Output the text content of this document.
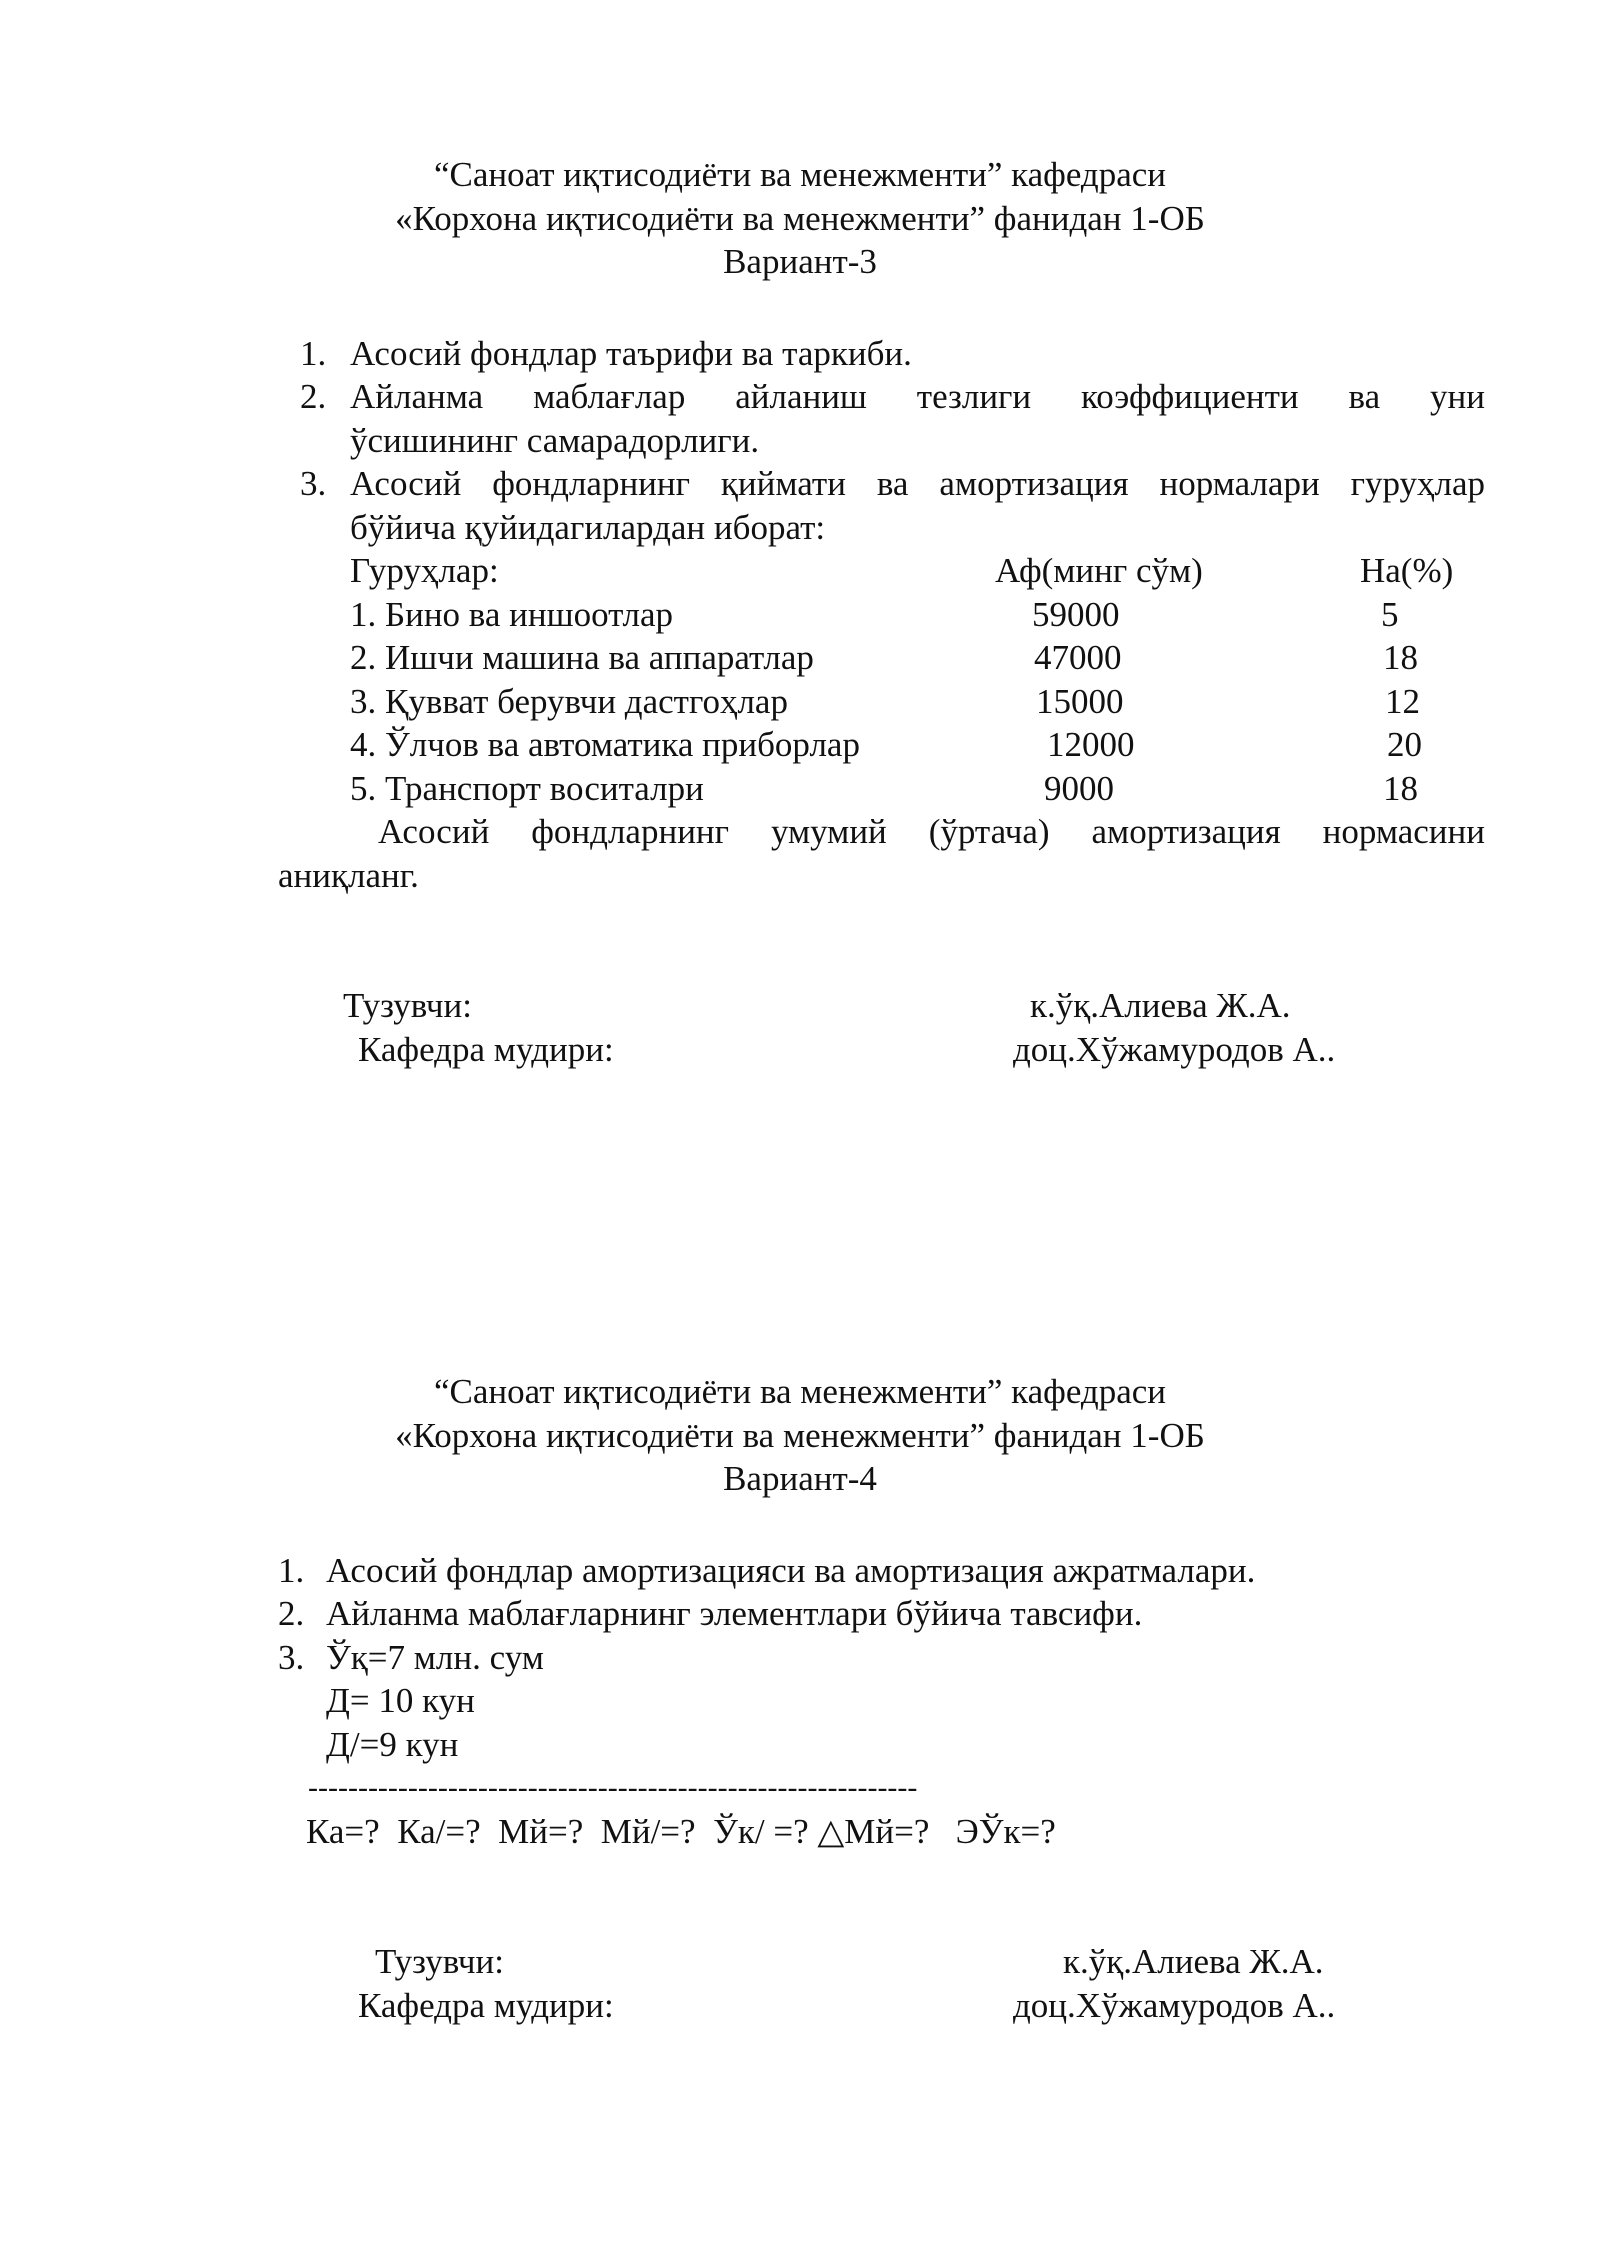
“Саноат иқтисодиёти ва менежменти” кафедраси
«Корхона иқтисодиёти ва менежменти” фанидан 1-ОБ
Вариант-3
1. Асосий фондлар таърифи ва таркиби.
2. Айланма маблағлар айланиш тезлиги коэффициенти ва уни
ўсишининг самарадорлиги.
3. Асосий фондларнинг қиймати ва амортизация нормалари гуруҳлар
бўйича қуйидагилардан иборат:
Гуруҳлар:	Аф(минг сўм)	На(%)
1. Бино ва иншоотлар	59000	5
2. Ишчи машина ва аппаратлар	47000	18
3. Қувват берувчи дастгоҳлар	15000	12
4. Ўлчов ва автоматика приборлар	12000	20
5. Транспорт воситалри	9000	18
Асосий фондларнинг умумий (ўртача) амортизация нормасини
аниқланг.
Тузувчи:	к.ўқ.Алиева Ж.А.
Кафедра мудири:	доц.Хўжамуродов А..
“Саноат иқтисодиёти ва менежменти” кафедраси
«Корхона иқтисодиёти ва менежменти” фанидан 1-ОБ
Вариант-4
1. Асосий фондлар амортизацияси ва амортизация ажратмалари.
2. Айланма маблағларнинг элементлари бўйича тавсифи.
3. Ўқ=7 млн. сум
Д= 10 кун
Д/=9 кун
-------------------------------------------------------------
Ка=?  Ка/=?  Мй=?  Мй/=?  Ўк/ =? △Мй=?   ЭЎк=?
Тузувчи:	к.ўқ.Алиева Ж.А.
Кафедра мудири:	доц.Хўжамуродов А..
